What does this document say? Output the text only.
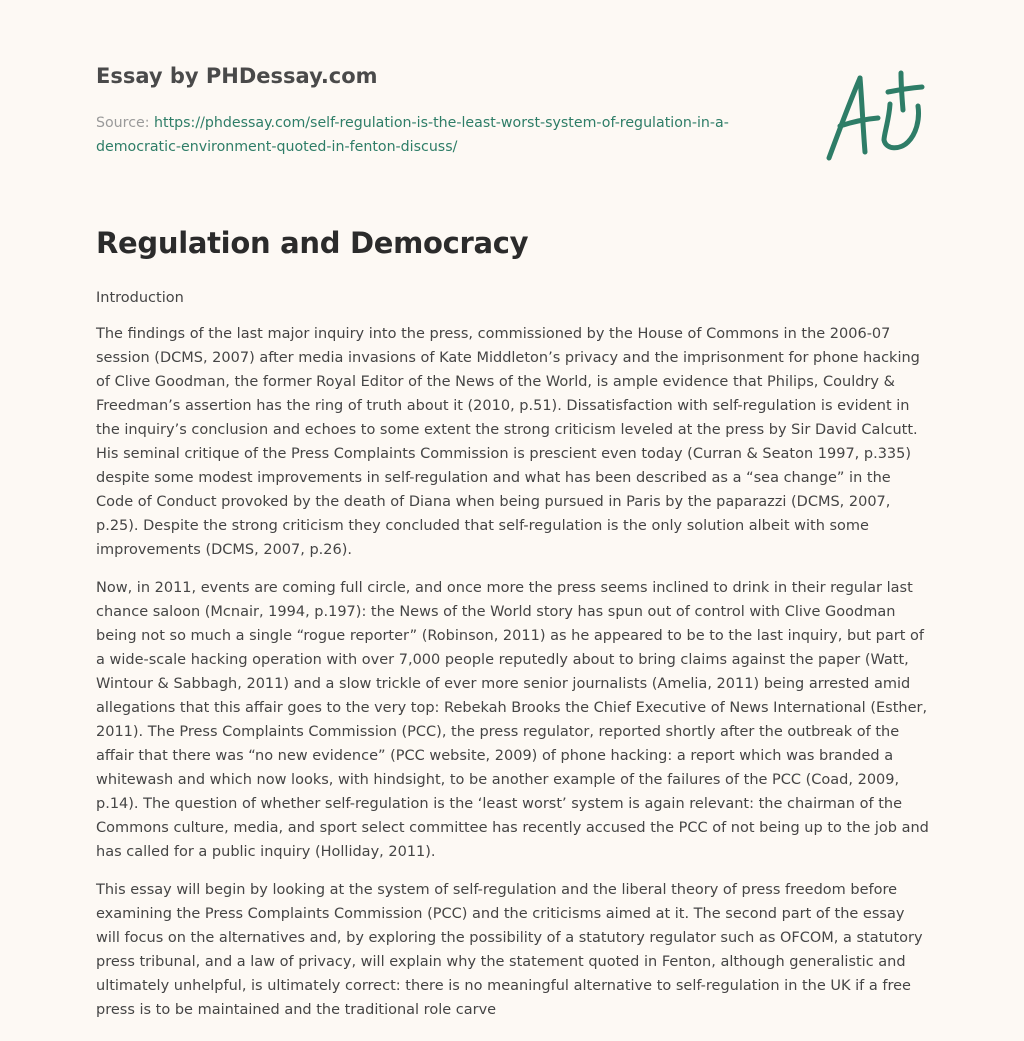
Essay by PHDessay.com
Source: https://phdessay.com/self-regulation-is-the-least-worst-system-of-regulation-in-a-democratic-environment-quoted-in-fenton-discuss/
Regulation and Democracy

Introduction

The findings of the last major inquiry into the press, commissioned by the House of Commons in the 2006-07 session (DCMS, 2007) after media invasions of Kate Middleton’s privacy and the imprisonment for phone hacking of Clive Goodman, the former Royal Editor of the News of the World, is ample evidence that Philips, Couldry & Freedman’s assertion has the ring of truth about it (2010, p.51). Dissatisfaction with self-regulation is evident in the inquiry’s conclusion and echoes to some extent the strong criticism leveled at the press by Sir David Calcutt. His seminal critique of the Press Complaints Commission is prescient even today (Curran & Seaton 1997, p.335) despite some modest improvements in self-regulation and what has been described as a “sea change” in the Code of Conduct provoked by the death of Diana when being pursued in Paris by the paparazzi (DCMS, 2007, p.25). Despite the strong criticism they concluded that self-regulation is the only solution albeit with some improvements (DCMS, 2007, p.26).

Now, in 2011, events are coming full circle, and once more the press seems inclined to drink in their regular last chance saloon (Mcnair, 1994, p.197): the News of the World story has spun out of control with Clive Goodman being not so much a single “rogue reporter” (Robinson, 2011) as he appeared to be to the last inquiry, but part of a wide-scale hacking operation with over 7,000 people reputedly about to bring claims against the paper (Watt, Wintour & Sabbagh, 2011) and a slow trickle of ever more senior journalists (Amelia, 2011) being arrested amid allegations that this affair goes to the very top: Rebekah Brooks the Chief Executive of News International (Esther, 2011). The Press Complaints Commission (PCC), the press regulator, reported shortly after the outbreak of the affair that there was “no new evidence” (PCC website, 2009) of phone hacking: a report which was branded a whitewash and which now looks, with hindsight, to be another example of the failures of the PCC (Coad, 2009, p.14). The question of whether self-regulation is the ‘least worst’ system is again relevant: the chairman of the Commons culture, media, and sport select committee has recently accused the PCC of not being up to the job and has called for a public inquiry (Holliday, 2011).

This essay will begin by looking at the system of self-regulation and the liberal theory of press freedom before examining the Press Complaints Commission (PCC) and the criticisms aimed at it. The second part of the essay will focus on the alternatives and, by exploring the possibility of a statutory regulator such as OFCOM, a statutory press tribunal, and a law of privacy, will explain why the statement quoted in Fenton, although generalistic and ultimately unhelpful, is ultimately correct: there is no meaningful alternative to self-regulation in the UK if a free press is to be maintained and the traditional role carve
